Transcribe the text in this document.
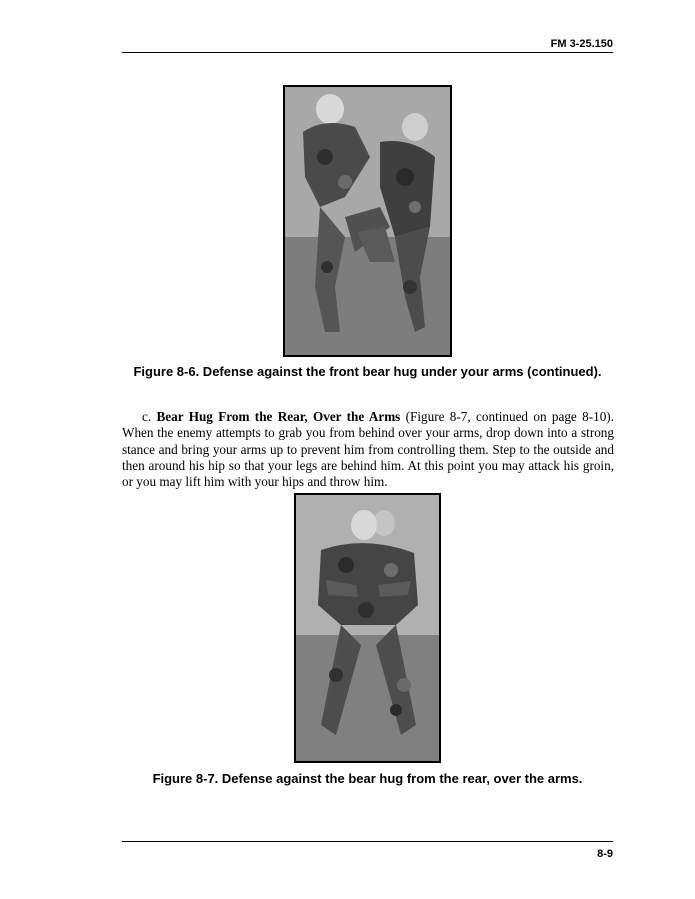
FM 3-25.150
Figure 8-6. Defense against the front bear hug under your arms (continued).

c. Bear Hug From the Rear, Over the Arms (Figure 8-7, continued on page 8-10). When the enemy attempts to grab you from behind over your arms, drop down into a strong stance and bring your arms up to prevent him from controlling them. Step to the outside and then around his hip so that your legs are behind him. At this point you may attack his groin, or you may lift him with your hips and throw him.

Figure 8-7. Defense against the bear hug from the rear, over the arms.
8-9
